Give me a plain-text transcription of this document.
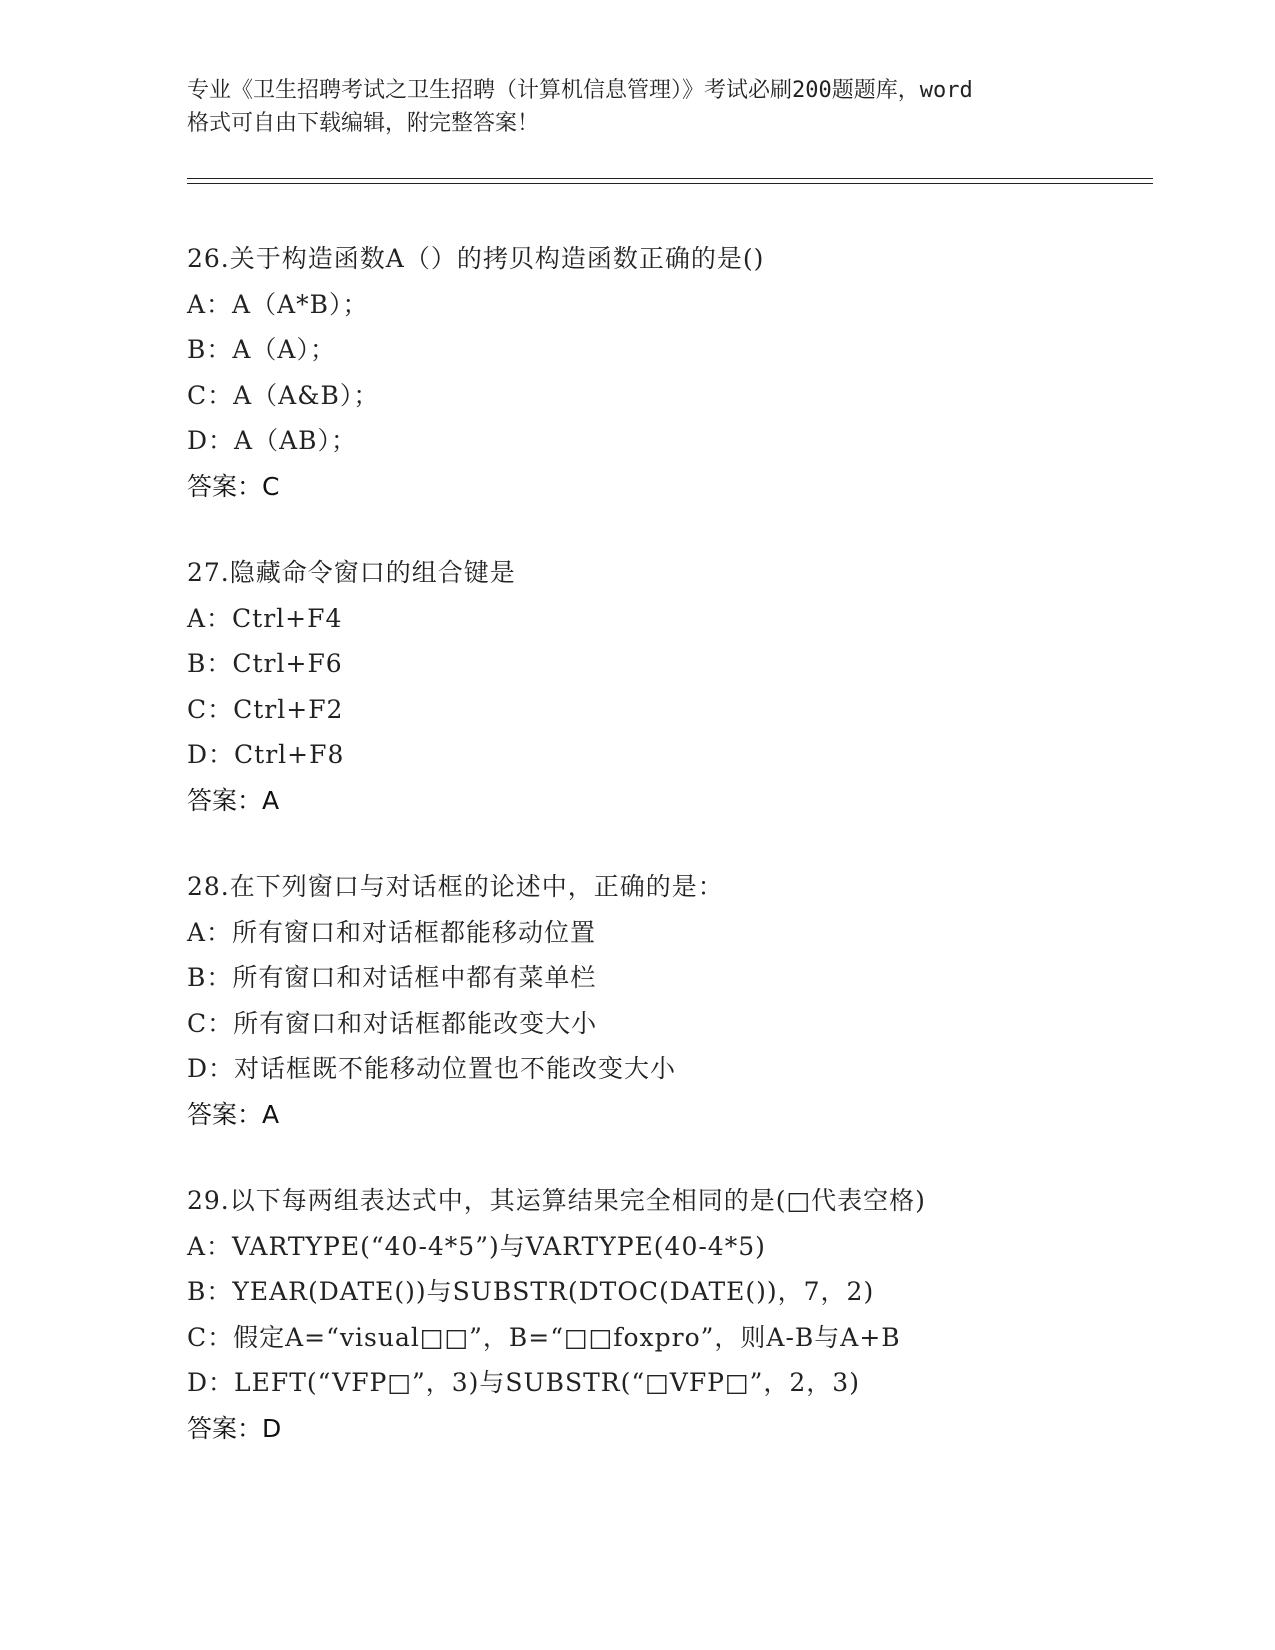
专业《卫生招聘考试之卫生招聘（计算机信息管理）》考试必刷200题题库，word
格式可自由下载编辑，附完整答案！
26.关于构造函数A（）的拷贝构造函数正确的是()
A：A（A*B）；
B：A（A）；
C：A（A&B）；
D：A（AB）；
答案：C
27.隐藏命令窗口的组合键是
A：Ctrl+F4
B：Ctrl+F6
C：Ctrl+F2
D：Ctrl+F8
答案：A
28.在下列窗口与对话框的论述中，正确的是：
A：所有窗口和对话框都能移动位置
B：所有窗口和对话框中都有菜单栏
C：所有窗口和对话框都能改变大小
D：对话框既不能移动位置也不能改变大小
答案：A
29.以下每两组表达式中，其运算结果完全相同的是(□代表空格)
A：VARTYPE(“40-4*5”)与VARTYPE(40-4*5)
B：YEAR(DATE())与SUBSTR(DTOC(DATE())，7，2)
C：假定A=“visual□□”，B=“□□foxpro”，则A-B与A+B
D：LEFT(“VFP□”，3)与SUBSTR(“□VFP□”，2，3)
答案：D
